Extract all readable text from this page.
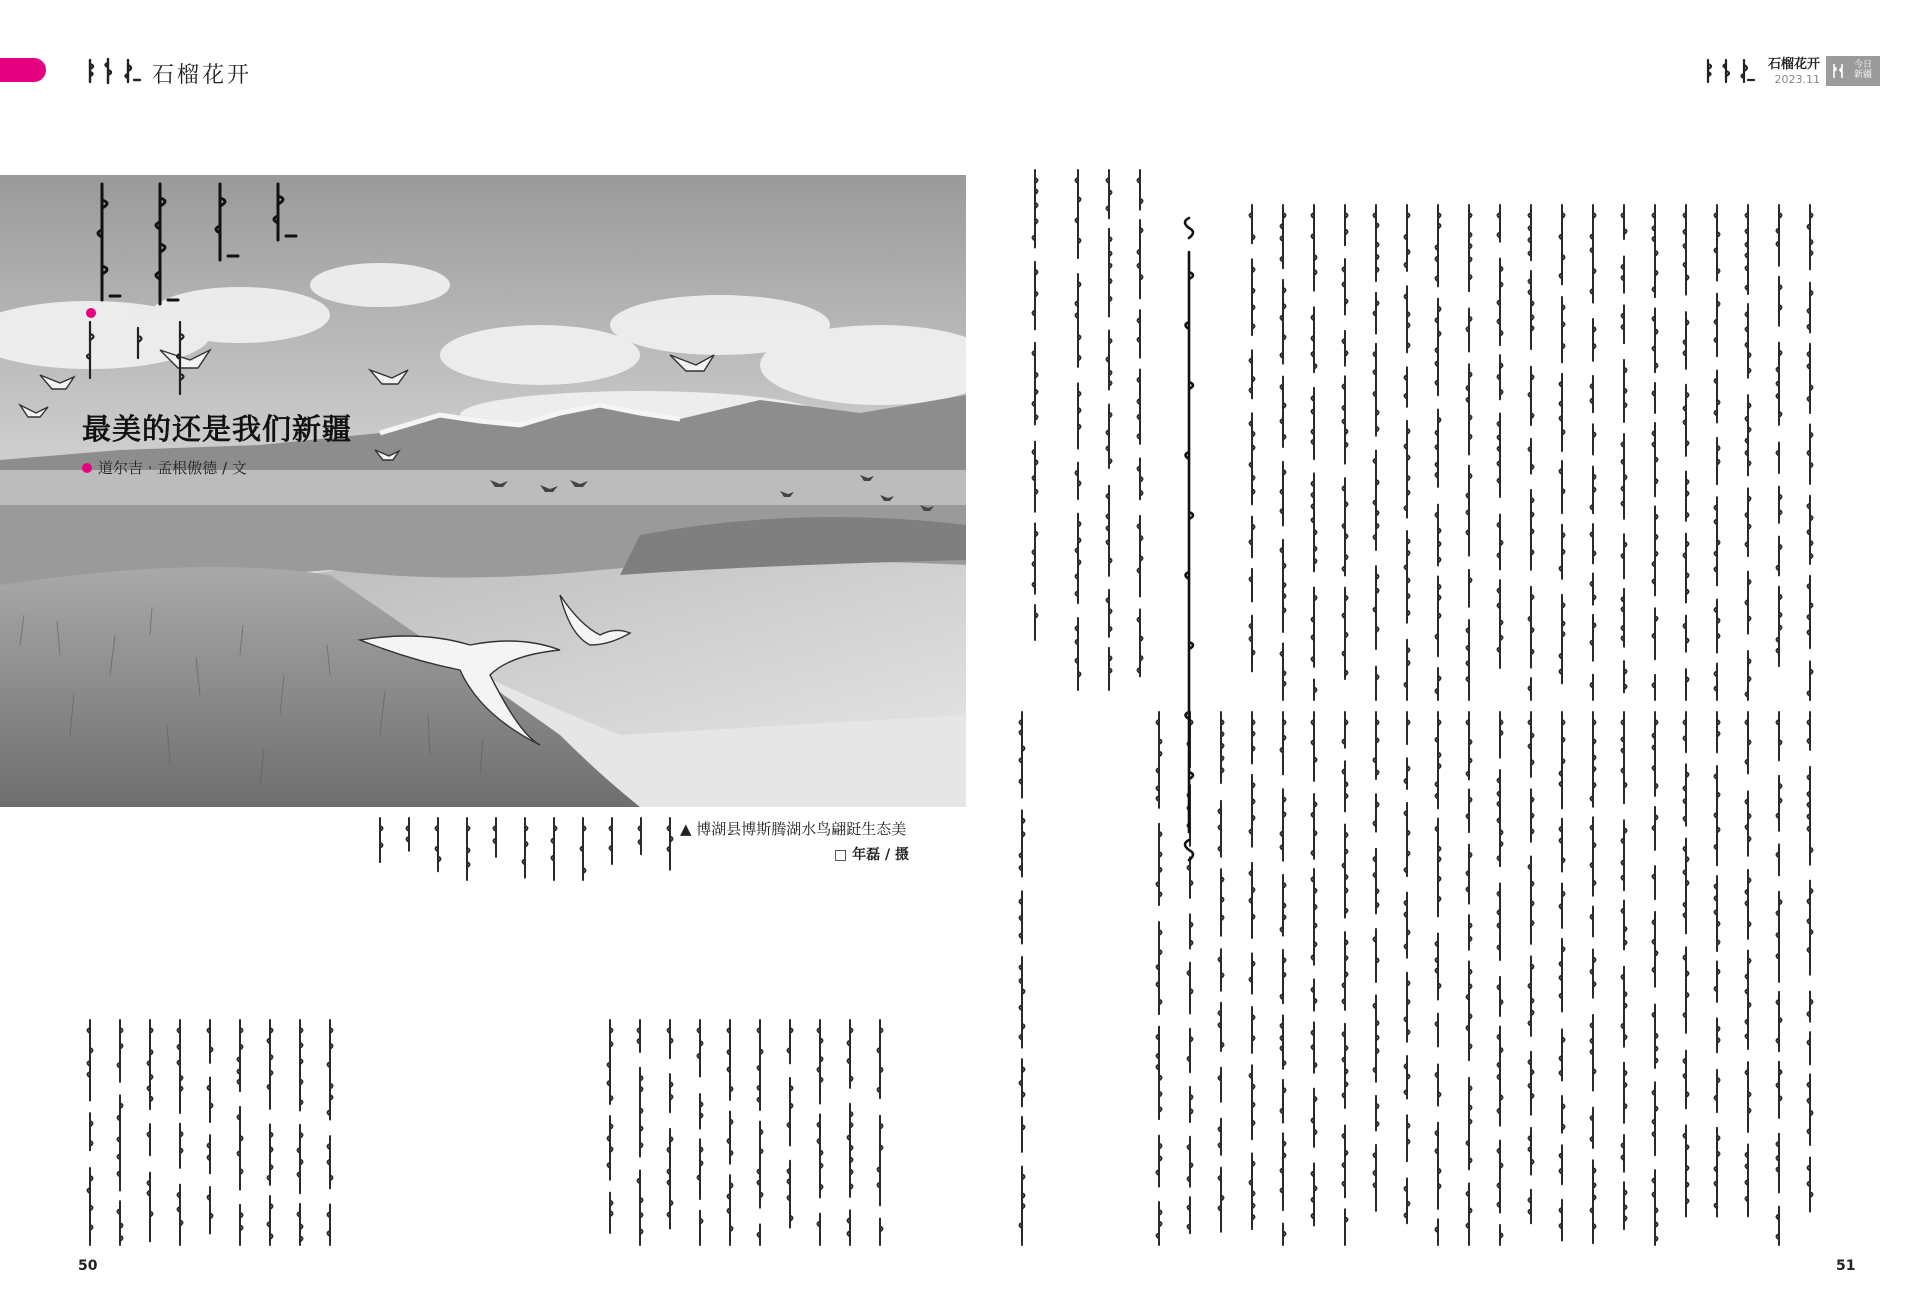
石榴花开	石榴花开
2023.11
今日
新疆
最美的还是我们新疆
道尔吉 · 孟根傲德 / 文
▲ 博湖县博斯腾湖水鸟翩跹生态美
□ 年磊 / 摄
50	51
